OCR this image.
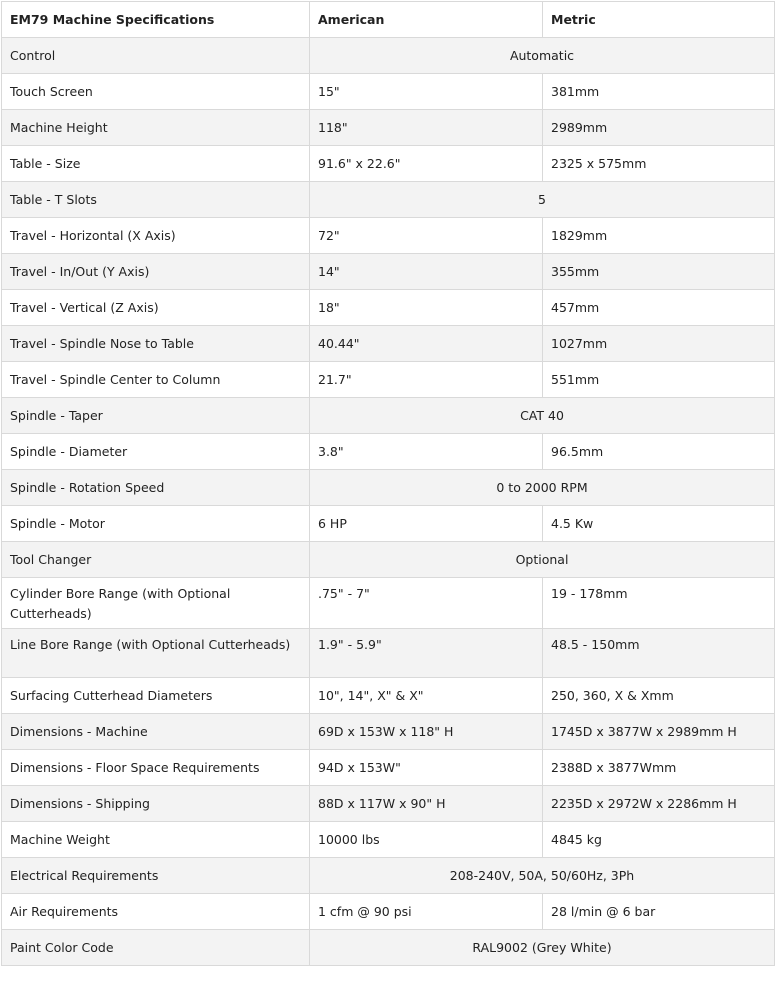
EM79 Machine Specifications	American	Metric
Control	Automatic	
Touch Screen	15"	381mm
Machine Height	118"	2989mm
Table - Size	91.6" x 22.6"	2325 x 575mm
Table - T Slots	5	
Travel - Horizontal (X Axis)	72"	1829mm
Travel - In/Out (Y Axis)	14"	355mm
Travel - Vertical (Z Axis)	18"	457mm
Travel - Spindle Nose to Table	40.44"	1027mm
Travel - Spindle Center to Column	21.7"	551mm
Spindle - Taper	CAT 40	
Spindle - Diameter	3.8"	96.5mm
Spindle - Rotation Speed	0 to 2000 RPM	
Spindle - Motor	6 HP	4.5 Kw
Tool Changer	Optional	
Cylinder Bore Range (with Optional Cutterheads)	.75" - 7"	19 - 178mm
Line Bore Range (with Optional Cutterheads)	1.9" - 5.9"	48.5 - 150mm
Surfacing Cutterhead Diameters	10", 14", X" & X"	250, 360, X & Xmm
Dimensions - Machine	69D x 153W x 118" H	1745D x 3877W x 2989mm H
Dimensions - Floor Space Requirements	94D x 153W"	2388D x 3877Wmm
Dimensions - Shipping	88D x 117W x 90" H	2235D x 2972W x 2286mm H
Machine Weight	10000 lbs	4845 kg
Electrical Requirements	208-240V, 50A, 50/60Hz, 3Ph	
Air Requirements	1 cfm @ 90 psi	28 l/min @ 6 bar
Paint Color Code	RAL9002 (Grey White)	
